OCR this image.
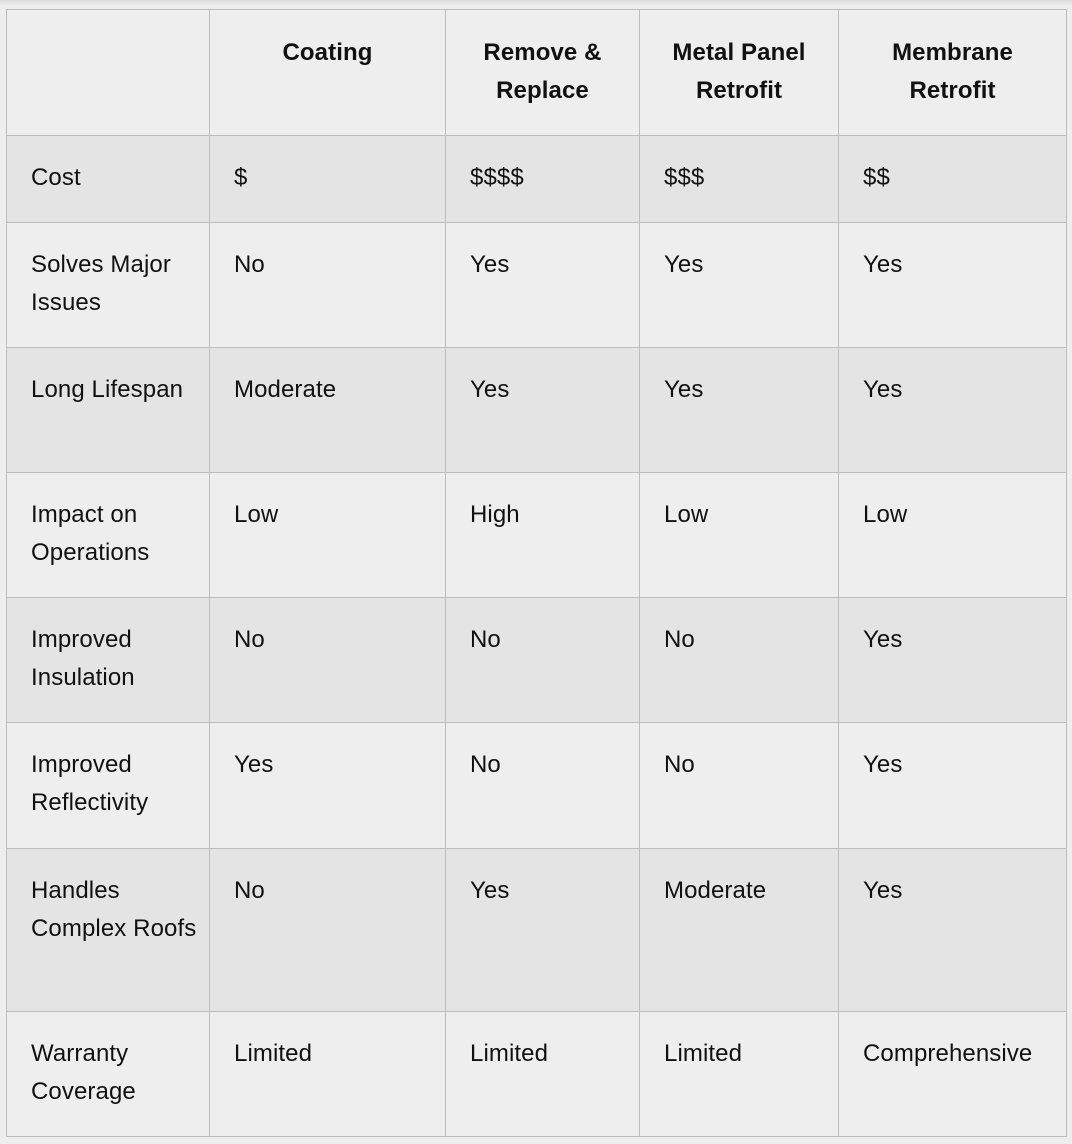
	Coating	Remove & Replace	Metal Panel Retrofit	Membrane Retrofit
Cost	$	$$$$	$$$	$$
Solves Major Issues	No	Yes	Yes	Yes
Long Lifespan	Moderate	Yes	Yes	Yes
Impact on Operations	Low	High	Low	Low
Improved Insulation	No	No	No	Yes
Improved Reflectivity	Yes	No	No	Yes
Handles Complex Roofs	No	Yes	Moderate	Yes
Warranty Coverage	Limited	Limited	Limited	Comprehensive
